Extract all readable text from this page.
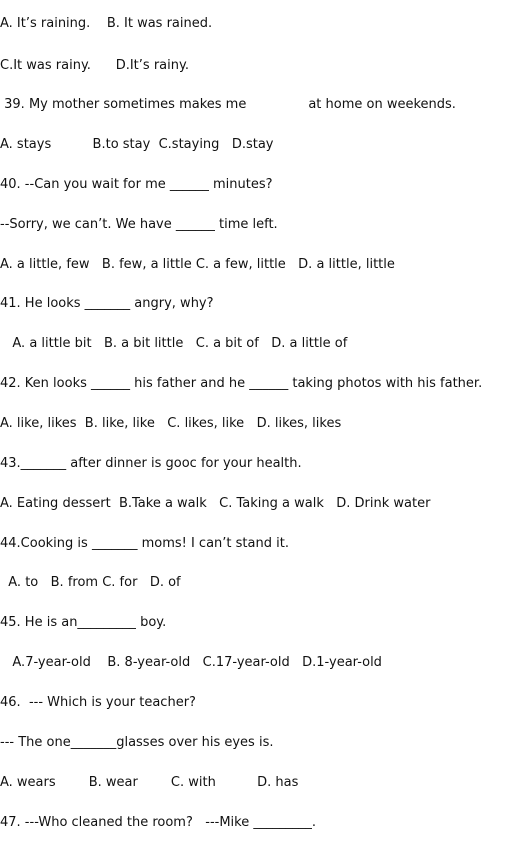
A. It’s raining.    B. It was rained.
C.It was rainy.      D.It’s rainy.
39. My mother sometimes makes me               at home on weekends.
A. stays          B.to stay  C.staying   D.stay
40. --Can you wait for me ______ minutes?
--Sorry, we can’t. We have ______ time left.
A. a little, few   B. few, a little C. a few, little   D. a little, little
41. He looks _______ angry, why?
A. a little bit   B. a bit little   C. a bit of   D. a little of
42. Ken looks ______ his father and he ______ taking photos with his father.
A. like, likes  B. like, like   C. likes, like   D. likes, likes
43._______ after dinner is gooc for your health.
A. Eating dessert  B.Take a walk   C. Taking a walk   D. Drink water
44.Cooking is _______ moms! I can’t stand it.
A. to   B. from C. for   D. of
45. He is an_________ boy.
A.7-year-old    B. 8-year-old   C.17-year-old   D.1-year-old
46.  --- Which is your teacher?
--- The one_______glasses over his eyes is.
A. wears        B. wear        C. with          D. has
47. ---Who cleaned the room?   ---Mike _________.
